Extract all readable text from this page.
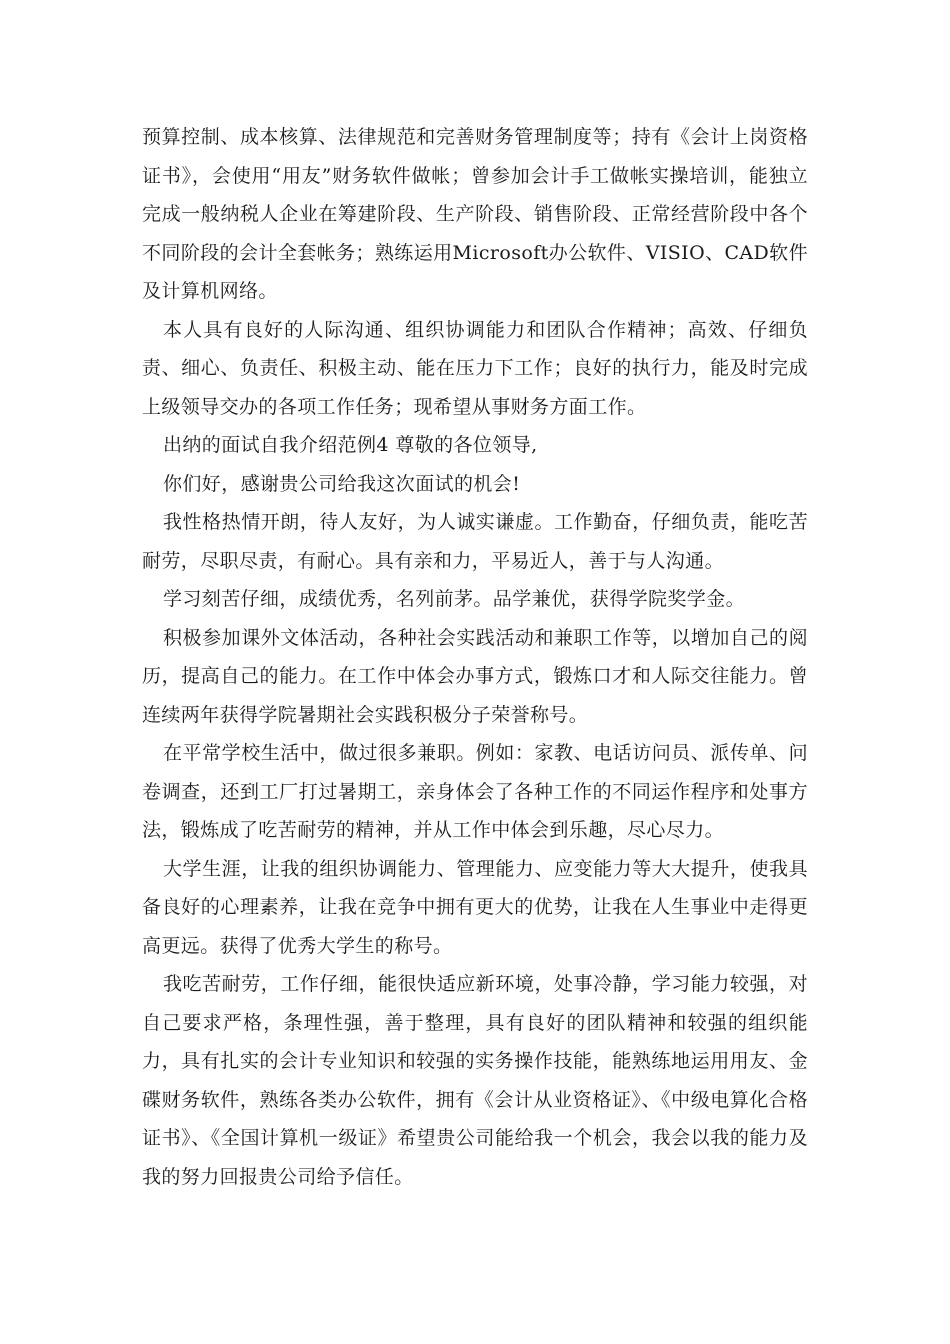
预算控制、成本核算、法律规范和完善财务管理制度等；持有《会计上岗资格证书》，会使用“用友”财务软件做帐；曾参加会计手工做帐实操培训，能独立完成一般纳税人企业在筹建阶段、生产阶段、销售阶段、正常经营阶段中各个不同阶段的会计全套帐务；熟练运用Microsoft办公软件、VISIO、CAD软件及计算机网络。

本人具有良好的人际沟通、组织协调能力和团队合作精神；高效、仔细负责、细心、负责任、积极主动、能在压力下工作；良好的执行力，能及时完成上级领导交办的各项工作任务；现希望从事财务方面工作。

出纳的面试自我介绍范例4 尊敬的各位领导,

你们好，感谢贵公司给我这次面试的机会!

我性格热情开朗，待人友好，为人诚实谦虚。工作勤奋，仔细负责，能吃苦耐劳，尽职尽责，有耐心。具有亲和力，平易近人，善于与人沟通。

学习刻苦仔细，成绩优秀，名列前茅。品学兼优，获得学院奖学金。

积极参加课外文体活动，各种社会实践活动和兼职工作等，以增加自己的阅历，提高自己的能力。在工作中体会办事方式，锻炼口才和人际交往能力。曾连续两年获得学院暑期社会实践积极分子荣誉称号。

在平常学校生活中，做过很多兼职。例如：家教、电话访问员、派传单、问卷调查，还到工厂打过暑期工，亲身体会了各种工作的不同运作程序和处事方法，锻炼成了吃苦耐劳的精神，并从工作中体会到乐趣，尽心尽力。

大学生涯，让我的组织协调能力、管理能力、应变能力等大大提升，使我具备良好的心理素养，让我在竞争中拥有更大的优势，让我在人生事业中走得更高更远。获得了优秀大学生的称号。

我吃苦耐劳，工作仔细，能很快适应新环境，处事冷静，学习能力较强，对自己要求严格，条理性强，善于整理，具有良好的团队精神和较强的组织能力，具有扎实的会计专业知识和较强的实务操作技能，能熟练地运用用友、金碟财务软件，熟练各类办公软件，拥有《会计从业资格证》、《中级电算化合格证书》、《全国计算机一级证》希望贵公司能给我一个机会，我会以我的能力及我的努力回报贵公司给予信任。
